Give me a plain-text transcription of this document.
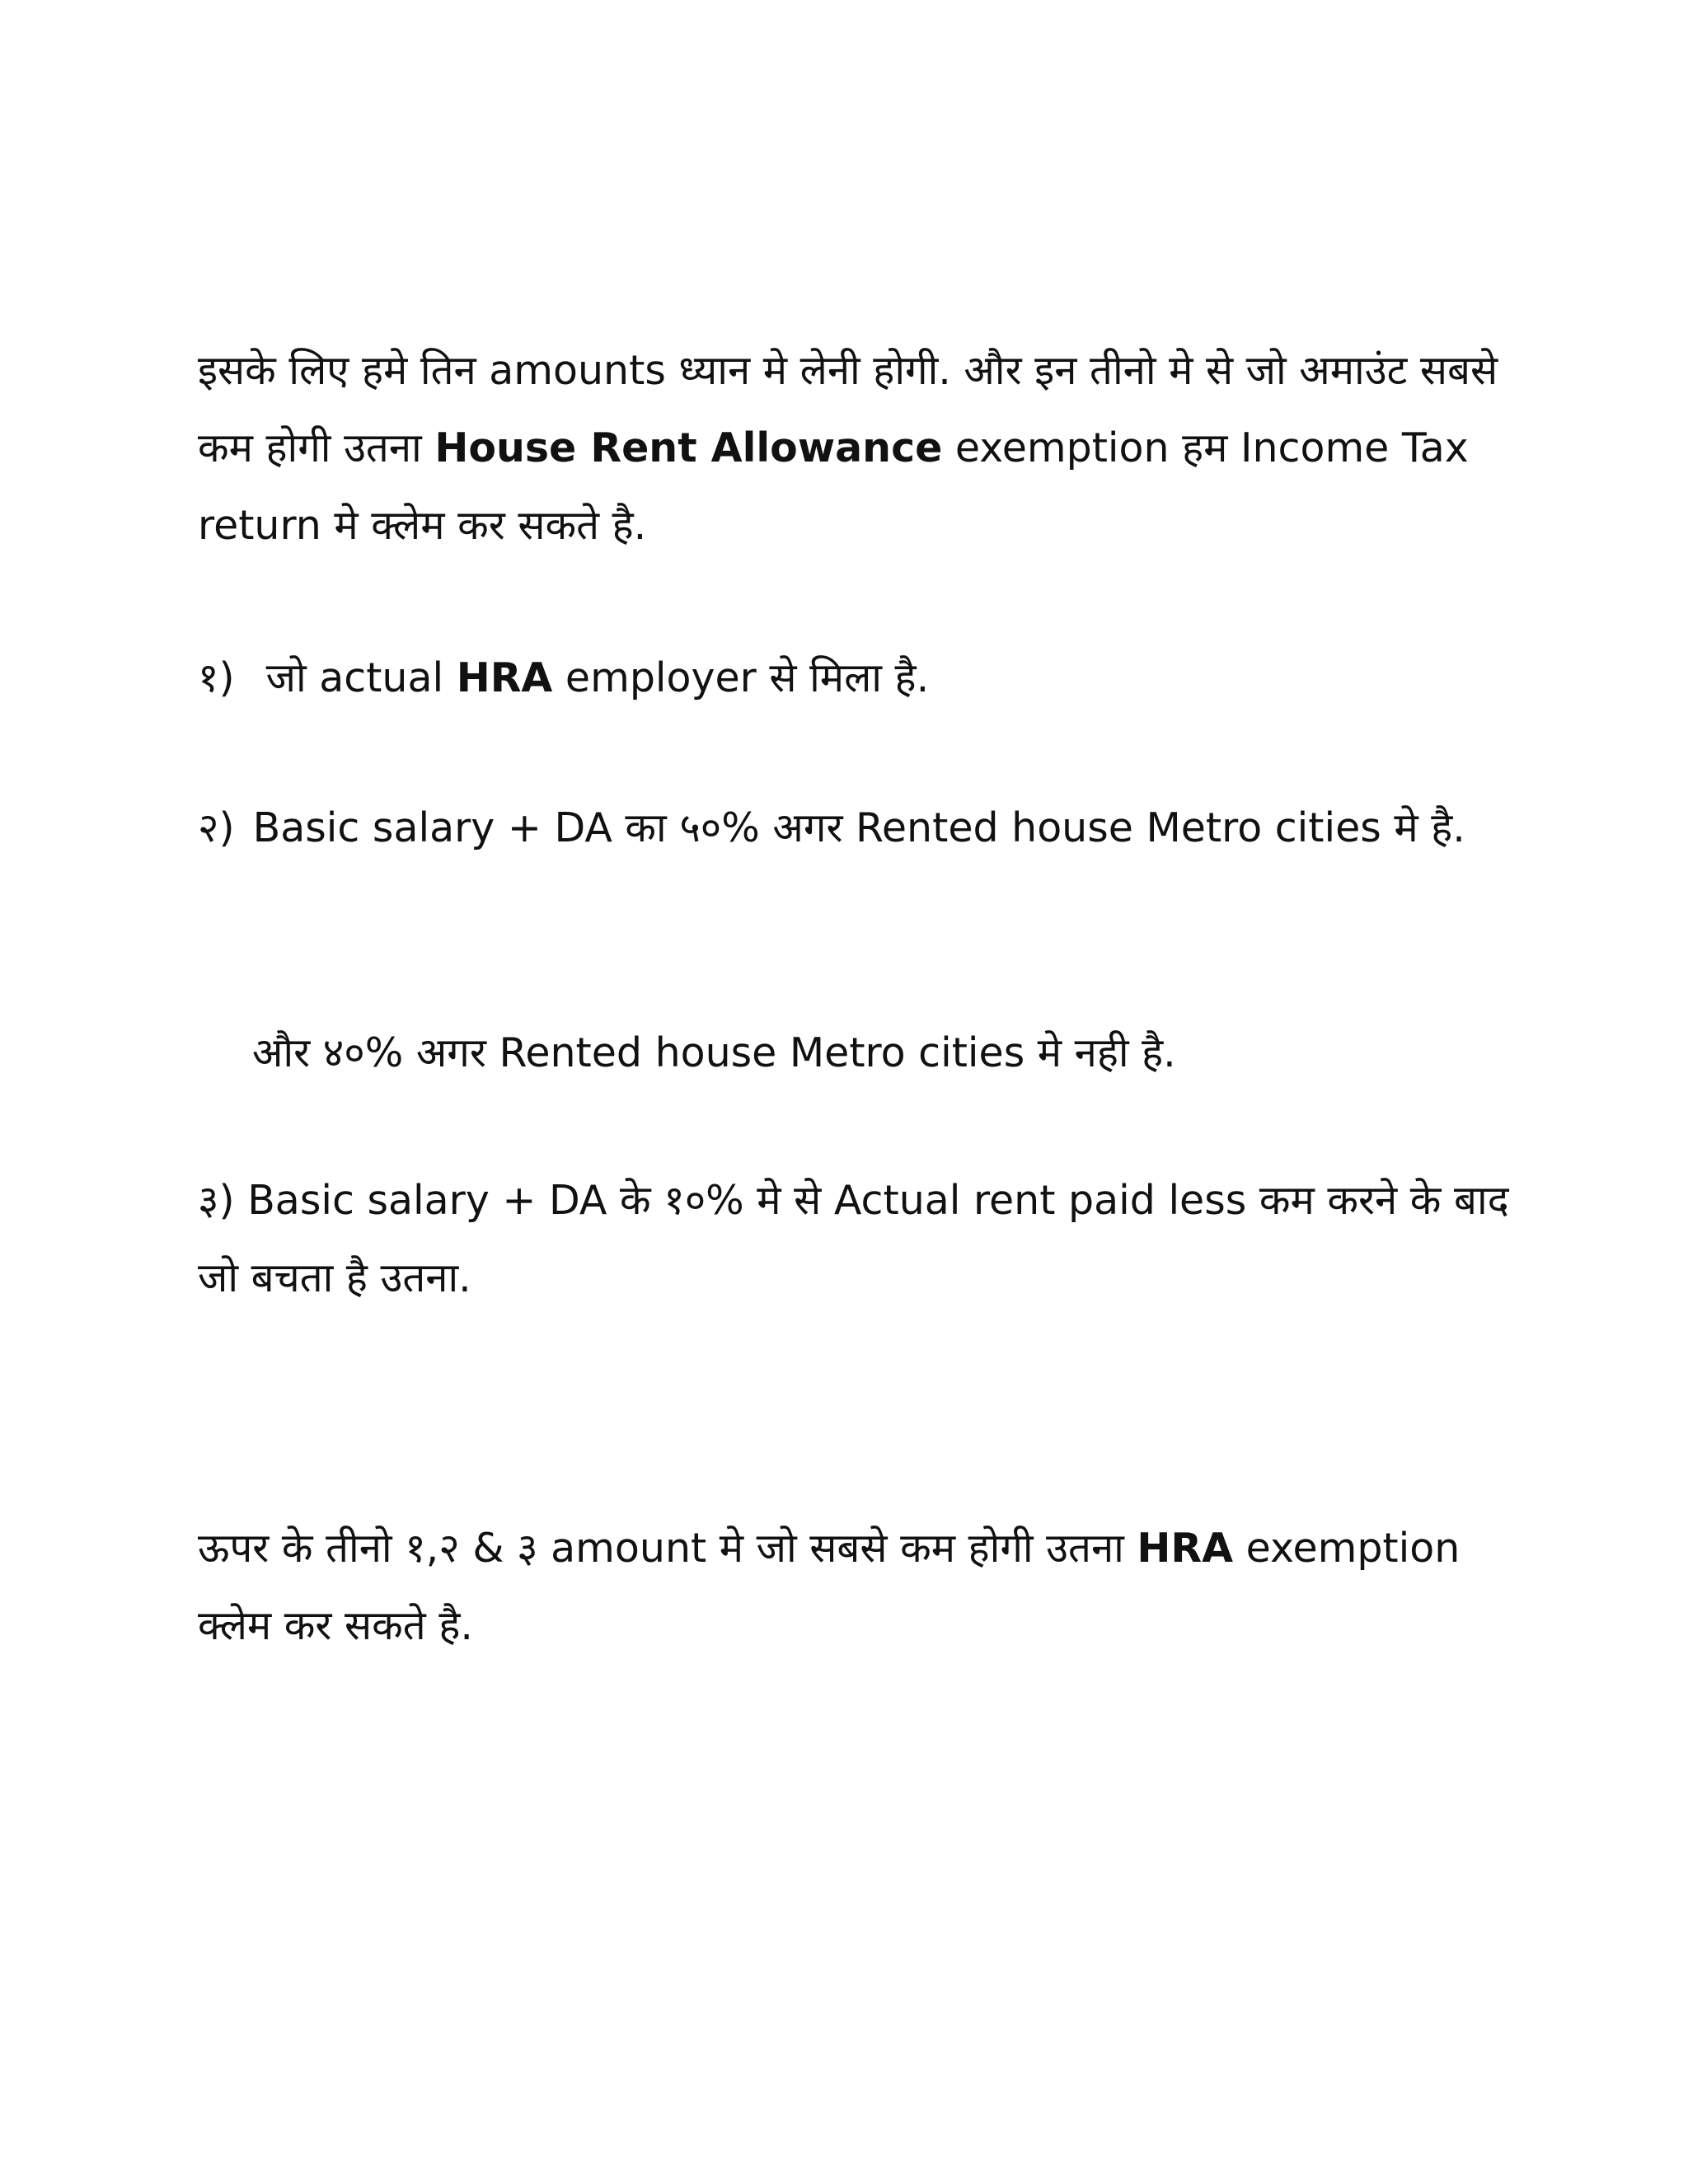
इसके लिए हमे तिन amounts ध्यान मे लेनी होगी. और इन तीनो मे से जो अमाउंट सबसे कम होगी उतना House Rent Allowance exemption हम Income Tax return मे क्लेम कर सकते है.

१) जो actual HRA employer से मिला है.

२) Basic salary + DA का ५०% अगर Rented house Metro cities मे है.

और ४०% अगर Rented house Metro cities मे नही है.

३) Basic salary + DA के १०% मे से Actual rent paid less कम करने के बाद जो बचता है उतना.

ऊपर के तीनो १,२ & ३ amount मे जो सबसे कम होगी उतना HRA exemption क्लेम कर सकते है.
